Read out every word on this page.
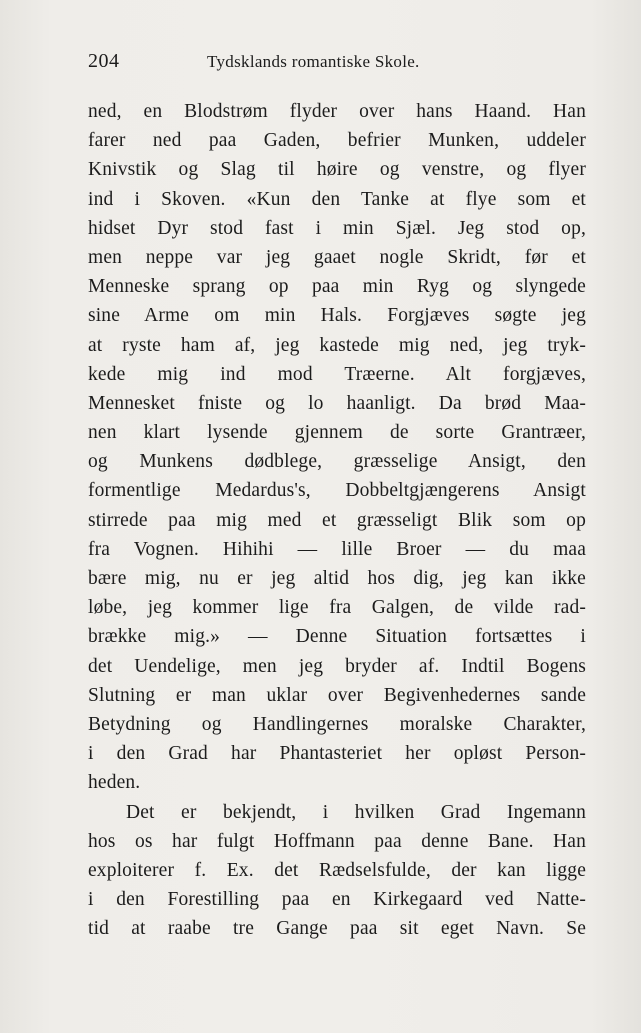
204	Tydsklands romantiske Skole.
ned, en Blodstrøm flyder over hans Haand. Han
farer ned paa Gaden, befrier Munken, uddeler
Knivstik og Slag til høire og venstre, og flyer
ind i Skoven. «Kun den Tanke at flye som et
hidset Dyr stod fast i min Sjæl. Jeg stod op,
men neppe var jeg gaaet nogle Skridt, før et
Menneske sprang op paa min Ryg og slyngede
sine Arme om min Hals. Forgjæves søgte jeg
at ryste ham af, jeg kastede mig ned, jeg tryk-
kede mig ind mod Træerne. Alt forgjæves,
Mennesket fniste og lo haanligt. Da brød Maa-
nen klart lysende gjennem de sorte Grantræer,
og Munkens dødblege, græsselige Ansigt, den
formentlige Medardus's, Dobbeltgjængerens Ansigt
stirrede paa mig med et græsseligt Blik som op
fra Vognen. Hihihi — lille Broer — du maa
bære mig, nu er jeg altid hos dig, jeg kan ikke
løbe, jeg kommer lige fra Galgen, de vilde rad-
brække mig.» — Denne Situation fortsættes i
det Uendelige, men jeg bryder af. Indtil Bogens
Slutning er man uklar over Begivenhedernes sande
Betydning og Handlingernes moralske Charakter,
i den Grad har Phantasteriet her opløst Person-
heden.
Det er bekjendt, i hvilken Grad Ingemann
hos os har fulgt Hoffmann paa denne Bane. Han
exploiterer f. Ex. det Rædselsfulde, der kan ligge
i den Forestilling paa en Kirkegaard ved Natte-
tid at raabe tre Gange paa sit eget Navn. Se
